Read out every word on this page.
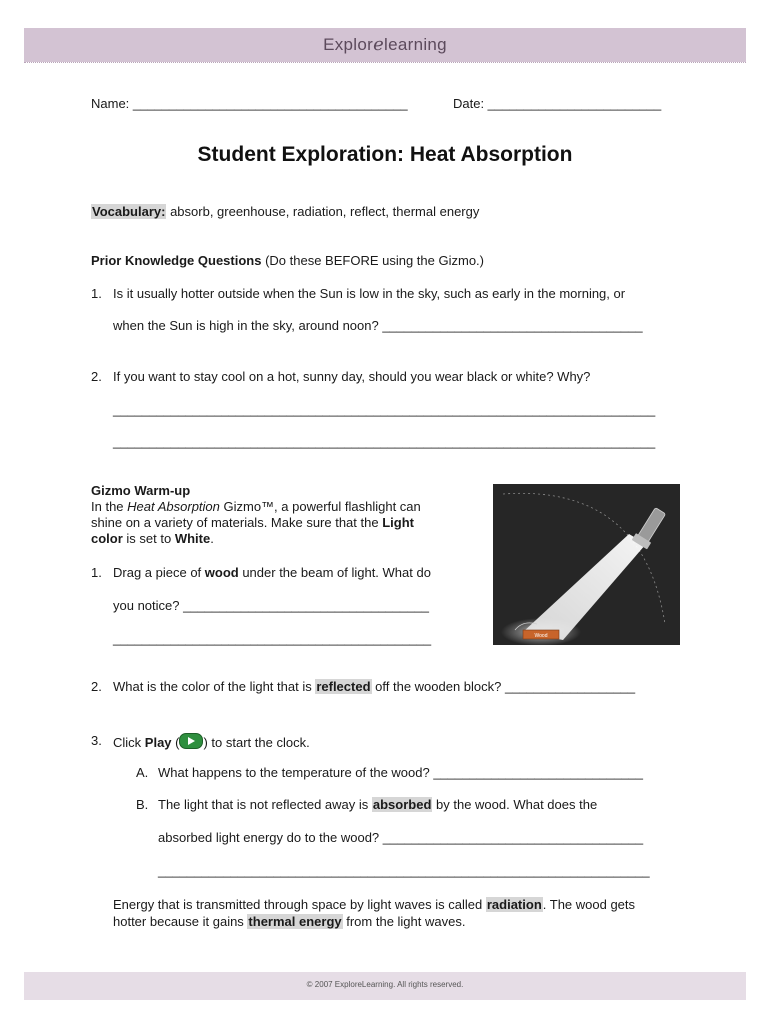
Explorelearning
Name: ______________________________________	Date: ________________________
Student Exploration: Heat Absorption
Vocabulary: absorb, greenhouse, radiation, reflect, thermal energy
Prior Knowledge Questions (Do these BEFORE using the Gizmo.)
1. Is it usually hotter outside when the Sun is low in the sky, such as early in the morning, or
when the Sun is high in the sky, around noon? ____________________________________
2. If you want to stay cool on a hot, sunny day, should you wear black or white? Why?
___________________________________________________________________________
___________________________________________________________________________
Gizmo Warm-up
In the Heat Absorption Gizmo™, a powerful flashlight can
shine on a variety of materials. Make sure that the Light
color is set to White.
1. Drag a piece of wood under the beam of light. What do
you notice? __________________________________
____________________________________________	Wood
2. What is the color of the light that is reflected off the wooden block? __________________
3. Click Play ( ) to start the clock.
A. What happens to the temperature of the wood? _____________________________
B. The light that is not reflected away is absorbed by the wood. What does the
absorbed light energy do to the wood? ____________________________________
____________________________________________________________________
Energy that is transmitted through space by light waves is called radiation. The wood gets
hotter because it gains thermal energy from the light waves.
© 2007 ExploreLearning. All rights reserved.
